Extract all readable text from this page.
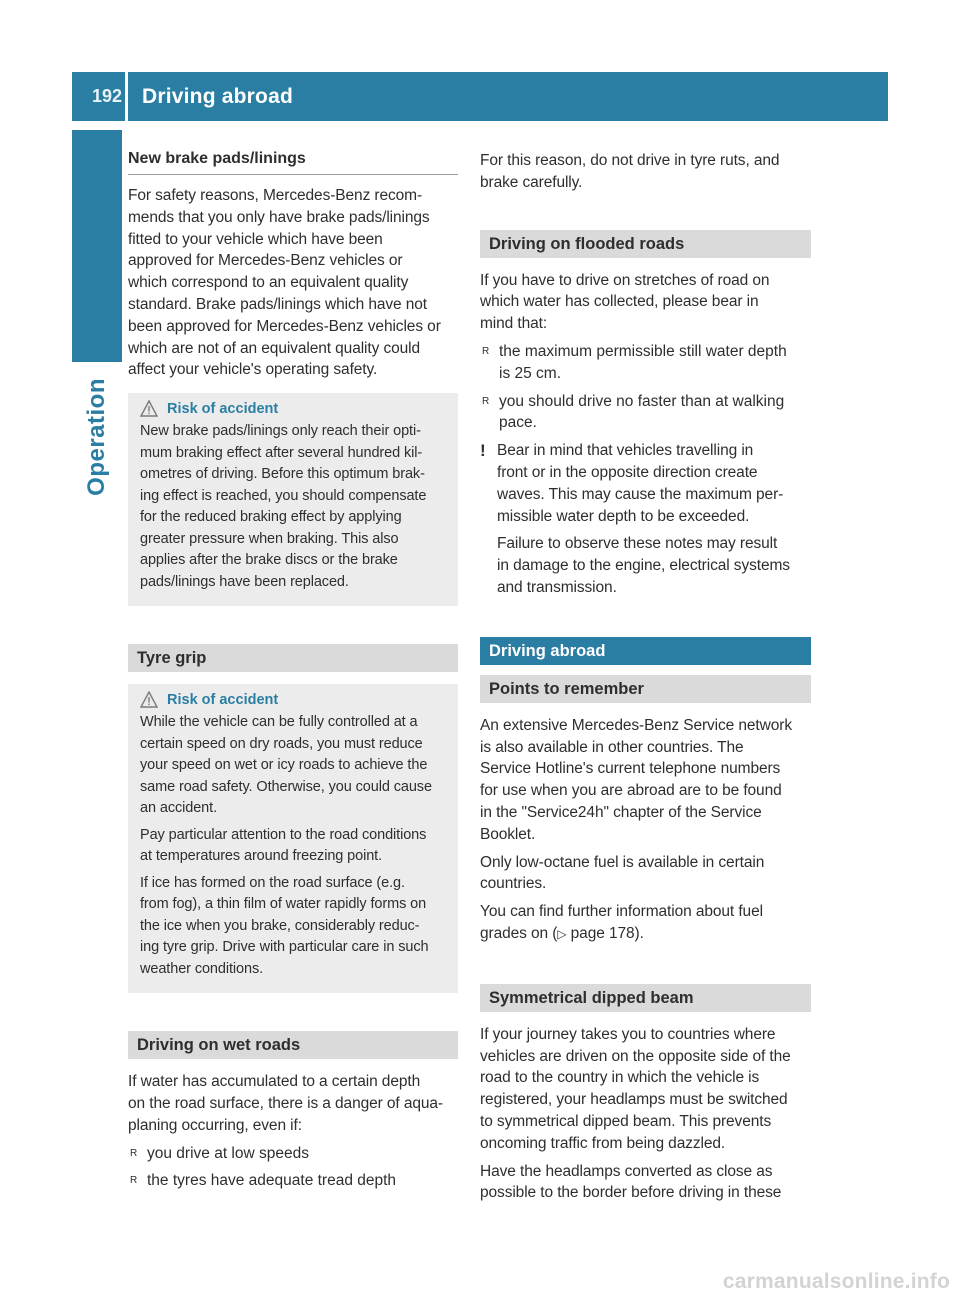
192 Driving abroad
Operation
New brake pads/linings

For safety reasons, Mercedes-Benz recom-
mends that you only have brake pads/linings
fitted to your vehicle which have been
approved for Mercedes-Benz vehicles or
which correspond to an equivalent quality
standard. Brake pads/linings which have not
been approved for Mercedes-Benz vehicles or
which are not of an equivalent quality could
affect your vehicle's operating safety.

Risk of accident

New brake pads/linings only reach their opti-
mum braking effect after several hundred kil-
ometres of driving. Before this optimum brak-
ing effect is reached, you should compensate
for the reduced braking effect by applying
greater pressure when braking. This also
applies after the brake discs or the brake
pads/linings have been replaced.

Tyre grip
Risk of accident

While the vehicle can be fully controlled at a
certain speed on dry roads, you must reduce
your speed on wet or icy roads to achieve the
same road safety. Otherwise, you could cause
an accident.

Pay particular attention to the road conditions
at temperatures around freezing point.

If ice has formed on the road surface (e.g.
from fog), a thin film of water rapidly forms on
the ice when you brake, considerably reduc-
ing tyre grip. Drive with particular care in such
weather conditions.

Driving on wet roads

If water has accumulated to a certain depth
on the road surface, there is a danger of aqua-
planing occurring, even if:

R you drive at low speeds
R the tyres have adequate tread depth

For this reason, do not drive in tyre ruts, and
brake carefully.

Driving on flooded roads

If you have to drive on stretches of road on
which water has collected, please bear in
mind that:

R the maximum permissible still water depth
is 25 cm.
R you should drive no faster than at walking
pace.
! Bear in mind that vehicles travelling in
front or in the opposite direction create
waves. This may cause the maximum per-
missible water depth to be exceeded.

Failure to observe these notes may result
in damage to the engine, electrical systems
and transmission.

Driving abroad
Points to remember

An extensive Mercedes-Benz Service network
is also available in other countries. The
Service Hotline's current telephone numbers
for use when you are abroad are to be found
in the "Service24h" chapter of the Service
Booklet.

Only low-octane fuel is available in certain
countries.

You can find further information about fuel
grades on (▷ page 178).

Symmetrical dipped beam

If your journey takes you to countries where
vehicles are driven on the opposite side of the
road to the country in which the vehicle is
registered, your headlamps must be switched
to symmetrical dipped beam. This prevents
oncoming traffic from being dazzled.

Have the headlamps converted as close as
possible to the border before driving in these

carmanualsonline.info
